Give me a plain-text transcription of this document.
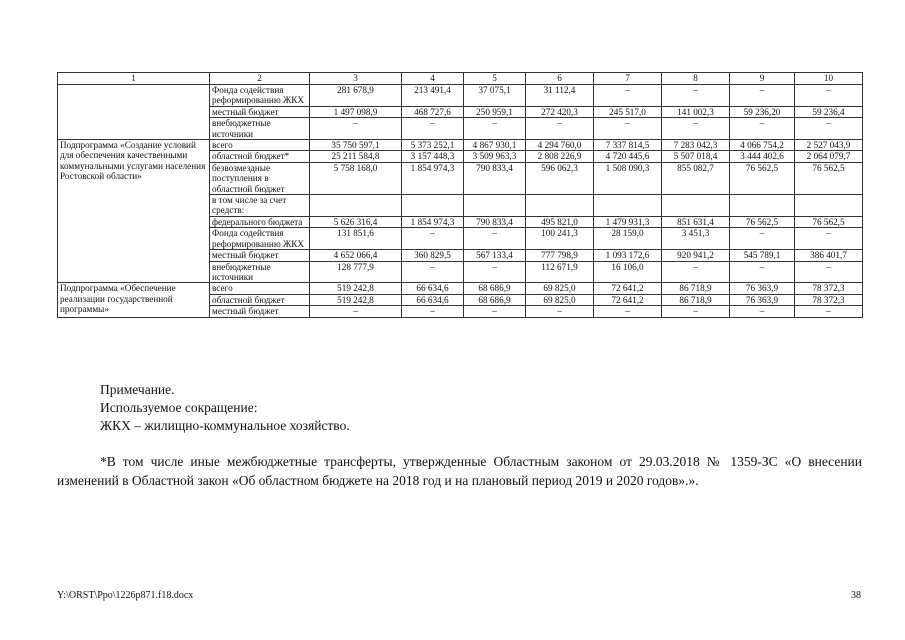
1	2	3	4	5	6	7	8	9	10
	Фонда содействия реформированию ЖКХ	281 678,9	213 491,4	37 075,1	31 112,4	–	–	–	–
	местный бюджет	1 497 098,9	468 727,6	250 959,1	272 420,3	245 517,0	141 002,3	59 236,20	59 236,4
	внебюджетные источники	–	–	–	–	–	–	–	–
Подпрограмма «Создание условий для обеспечения качественными коммунальными услугами населения Ростовской области»	всего	35 750 597,1	5 373 252,1	4 867 930,1	4 294 760,0	7 337 814,5	7 283 042,3	4 066 754,2	2 527 043,9
	областной бюджет*	25 211 584,8	3 157 448,3	3 509 963,3	2 808 226,9	4 720 445,6	5 507 018,4	3 444 402,6	2 064 079,7
	безвозмездные поступления в областной бюджет	5 758 168,0	1 854 974,3	790 833,4	596 062,3	1 508 090,3	855 082,7	76 562,5	76 562,5
	в том числе за счет средств:								
	федерального бюджета	5 626 316,4	1 854 974,3	790 833,4	495 821,0	1 479 931,3	851 631,4	76 562,5	76 562,5
	Фонда содействия реформированию ЖКХ	131 851,6	–	–	100 241,3	28 159,0	3 451,3	–	–
	местный бюджет	4 652 066,4	360 829,5	567 133,4	777 798,9	1 093 172,6	920 941,2	545 789,1	386 401,7
	внебюджетные источники	128 777,9	–	–	112 671,9	16 106,0	–	–	–
Подпрограмма «Обеспечение реализации государственной программы»	всего	519 242,8	66 634,6	68 686,9	69 825,0	72 641,2	86 718,9	76 363,9	78 372,3
	областной бюджет	519 242,8	66 634,6	68 686,9	69 825,0	72 641,2	86 718,9	76 363,9	78 372,3
	местный бюджет	–	–	–	–	–	–	–	–
Примечание.
Используемое сокращение:
ЖКХ – жилищно-коммунальное хозяйство.
*В том числе иные межбюджетные трансферты, утвержденные Областным законом от 29.03.2018 № 1359-ЗС «О внесении изменений в Областной закон «Об областном бюджете на 2018 год и на плановый период 2019 и 2020 годов».».
Y:\ORST\Ppo\1226p871.f18.docx	38
